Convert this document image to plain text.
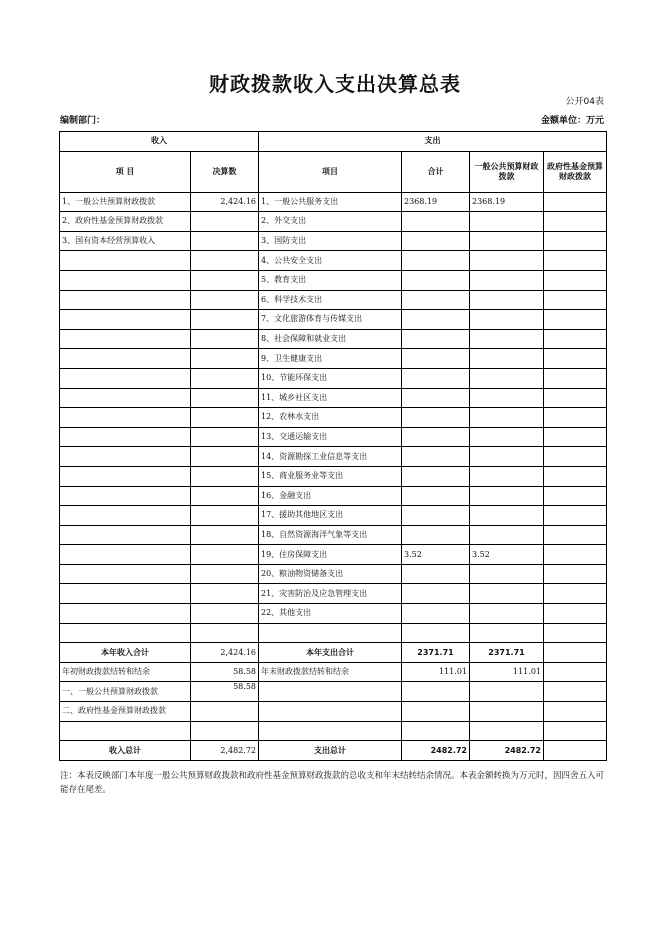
财政拨款收入支出决算总表
公开04表
编制部门：	金额单位：万元
收入		支出			
项 目	决算数	项目	合计	一般公共预算财政拨款	政府性基金预算财政拨款
1、一般公共预算财政拨款	2,424.16	1、一般公共服务支出	2368.19	2368.19	
2、政府性基金预算财政拨款		2、外交支出			
3、国有资本经营预算收入		3、国防支出			
		4、公共安全支出			
		5、教育支出			
		6、科学技术支出			
		7、文化旅游体育与传媒支出			
		8、社会保障和就业支出			
		9、卫生健康支出			
		10、节能环保支出			
		11、城乡社区支出			
		12、农林水支出			
		13、交通运输支出			
		14、资源勘探工业信息等支出			
		15、商业服务业等支出			
		16、金融支出			
		17、援助其他地区支出			
		18、自然资源海洋气象等支出			
		19、住房保障支出	3.52	3.52	
		20、粮油物资储备支出			
		21、灾害防治及应急管理支出			
		22、其他支出			

本年收入合计	2,424.16	本年支出合计	2371.71	2371.71	
年初财政拨款结转和结余	58.58	年末财政拨款结转和结余	111.01	111.01	
一、一般公共预算财政拨款	58.58				
二、政府性基金预算财政拨款					

收入总计	2,482.72	支出总计	2482.72	2482.72	
注：本表反映部门本年度一般公共预算财政拨款和政府性基金预算财政拨款的总收支和年末结转结余情况。本表金额转换为万元时，因四舍五入可能存在尾差。
